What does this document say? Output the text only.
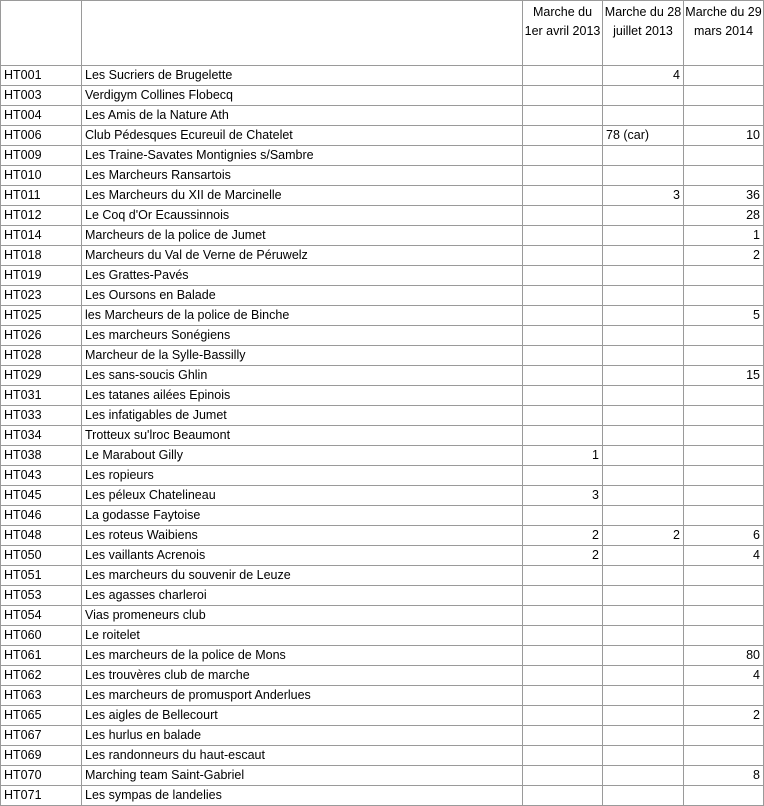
		Marche du 1er avril 2013	Marche du 28 juillet 2013	Marche du 29 mars 2014
HT001	Les Sucriers de Brugelette		4	
HT003	Verdigym Collines Flobecq			
HT004	Les Amis de la Nature Ath			
HT006	Club Pédesques Ecureuil de Chatelet		78 (car)	10
HT009	Les Traine-Savates Montignies s/Sambre			
HT010	Les Marcheurs Ransartois			
HT011	Les Marcheurs du XII de Marcinelle		3	36
HT012	Le Coq d'Or Ecaussinnois			28
HT014	Marcheurs de la police de Jumet			1
HT018	Marcheurs du Val de Verne de Péruwelz			2
HT019	Les Grattes-Pavés			
HT023	Les Oursons en Balade			
HT025	les Marcheurs de la police de Binche			5
HT026	Les marcheurs Sonégiens			
HT028	Marcheur de la Sylle-Bassilly			
HT029	Les sans-soucis Ghlin			15
HT031	Les tatanes ailées Epinois			
HT033	Les infatigables de Jumet			
HT034	Trotteux su'lroc Beaumont			
HT038	Le Marabout Gilly	1		
HT043	Les ropieurs			
HT045	Les péleux Chatelineau	3		
HT046	La godasse Faytoise			
HT048	Les roteus Waibiens	2	2	6
HT050	Les vaillants Acrenois	2		4
HT051	Les marcheurs du souvenir de Leuze			
HT053	Les agasses charleroi			
HT054	Vias promeneurs club			
HT060	Le roitelet			
HT061	Les marcheurs de la police de Mons			80
HT062	Les trouvères club de marche			4
HT063	Les marcheurs de promusport Anderlues			
HT065	Les aigles de Bellecourt			2
HT067	Les hurlus en balade			
HT069	Les randonneurs du haut-escaut			
HT070	Marching team Saint-Gabriel			8
HT071	Les sympas de landelies			
